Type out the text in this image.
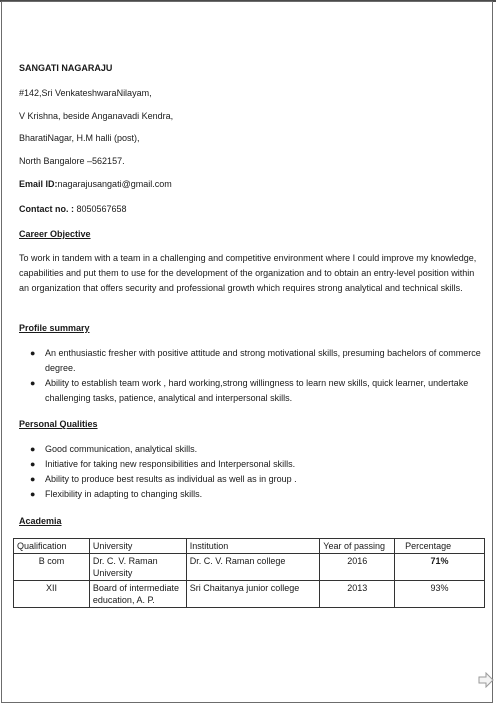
SANGATI NAGARAJU
#142,Sri VenkateshwaraNilayam,
V Krishna, beside Anganavadi Kendra,
BharatiNagar, H.M halli (post),
North Bangalore –562157.
Email ID:nagarajusangati@gmail.com
Contact no. : 8050567658
Career Objective
To work in tandem with a team in a challenging and competitive environment where I could improve my knowledge, capabilities and put them to use for the development of the organization and to obtain an entry-level position within an organization that offers security and professional growth which requires strong analytical and technical skills.
Profile summary
● An enthusiastic fresher with positive attitude and strong motivational skills, presuming bachelors of commerce degree.
● Ability to establish team work , hard working,strong willingness to learn new skills, quick learner, undertake challenging tasks, patience, analytical and interpersonal skills.
Personal Qualities
● Good communication, analytical skills.
● Initiative for taking new responsibilities and Interpersonal skills.
● Ability to produce best results as individual as well as in group .
● Flexibility in adapting to changing skills.
Academia
Qualification	University	Institution	Year of passing	Percentage
B com	Dr. C. V. Raman University	Dr. C. V. Raman college	2016	71%
XII	Board of intermediate education, A. P.	Sri Chaitanya junior college	2013	93%
